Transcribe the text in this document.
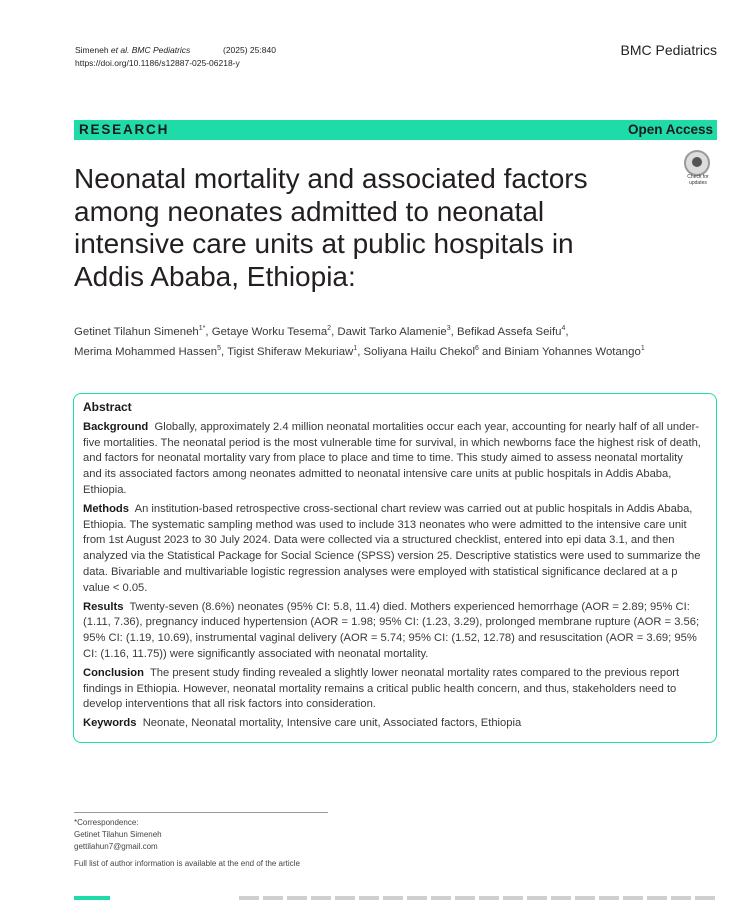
Simeneh et al. BMC Pediatrics	(2025) 25:840
https://doi.org/10.1186/s12887-025-06218-y
BMC Pediatrics
RESEARCH	Open Access
Check for updates
Neonatal mortality and associated factors among neonates admitted to neonatal intensive care units at public hospitals in Addis Ababa, Ethiopia:
Getinet Tilahun Simeneh$^{1*}$, Getaye Worku Tesema$^2$, Dawit Tarko Alamenie$^3$, Befikad Assefa Seifu$^4$,
Merima Mohammed Hassen$^5$, Tigist Shiferaw Mekuriaw$^1$, Soliyana Hailu Chekol$^6$ and Biniam Yohannes Wotango$^1$

Abstract

Background Globally, approximately 2.4 million neonatal mortalities occur each year, accounting for nearly half of all under-five mortalities. The neonatal period is the most vulnerable time for survival, in which newborns face the highest risk of death, and factors for neonatal mortality vary from place to place and time to time. This study aimed to assess neonatal mortality and its associated factors among neonates admitted to neonatal intensive care units at public hospitals in Addis Ababa, Ethiopia.

Methods An institution-based retrospective cross-sectional chart review was carried out at public hospitals in Addis Ababa, Ethiopia. The systematic sampling method was used to include 313 neonates who were admitted to the intensive care unit from 1st August 2023 to 30 July 2024. Data were collected via a structured checklist, entered into epi data 3.1, and then analyzed via the Statistical Package for Social Science (SPSS) version 25. Descriptive statistics were used to summarize the data. Bivariable and multivariable logistic regression analyses were employed with statistical significance declared at a p value < 0.05.

Results Twenty-seven (8.6%) neonates (95% CI: 5.8, 11.4) died. Mothers experienced hemorrhage (AOR = 2.89; 95% CI: (1.11, 7.36), pregnancy induced hypertension (AOR = 1.98; 95% CI: (1.23, 3.29), prolonged membrane rupture (AOR = 3.56; 95% CI: (1.19, 10.69), instrumental vaginal delivery (AOR = 5.74; 95% CI: (1.52, 12.78) and resuscitation (AOR = 3.69; 95% CI: (1.16, 11.75)) were significantly associated with neonatal mortality.

Conclusion The present study finding revealed a slightly lower neonatal mortality rates compared to the previous report findings in Ethiopia. However, neonatal mortality remains a critical public health concern, and thus, stakeholders need to develop interventions that all risk factors into consideration.

Keywords Neonate, Neonatal mortality, Intensive care unit, Associated factors, Ethiopia

*Correspondence:
Getinet Tilahun Simeneh
gettilahun7@gmail.com
Full list of author information is available at the end of the article
